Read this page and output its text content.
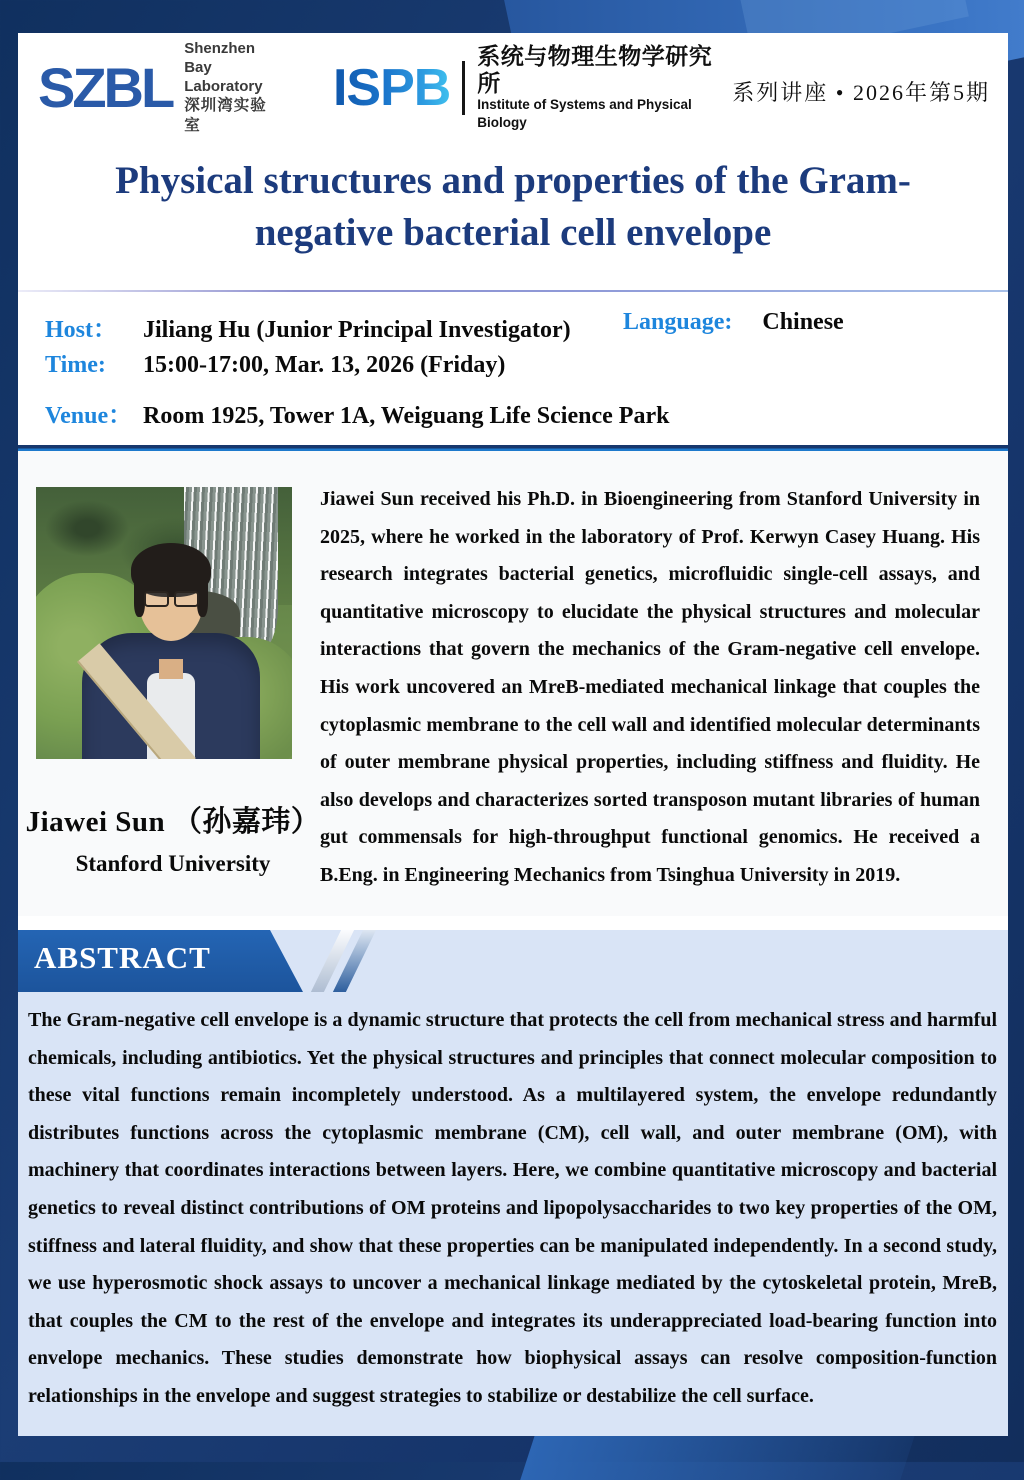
SZBL
Shenzhen Bay
Laboratory
深圳湾实验室
ISPB
系统与物理生物学研究所
Institute of Systems and Physical Biology
系列讲座 • 2026年第5期
Physical structures and properties of the Gram-
negative bacterial cell envelope
Host： Jiliang Hu (Junior Principal Investigator) Language: Chinese
Time: 15:00-17:00, Mar. 13, 2026 (Friday)
Venue： Room 1925, Tower 1A, Weiguang Life Science Park
Jiawei Sun （孙嘉玮）
Stanford University
Jiawei Sun received his Ph.D. in Bioengineering from Stanford University in 2025, where he worked in the laboratory of Prof. Kerwyn Casey Huang. His research integrates bacterial genetics, microfluidic single-cell assays, and quantitative microscopy to elucidate the physical structures and molecular interactions that govern the mechanics of the Gram-negative cell envelope. His work uncovered an MreB-mediated mechanical linkage that couples the cytoplasmic membrane to the cell wall and identified molecular determinants of outer membrane physical properties, including stiffness and fluidity. He also develops and characterizes sorted transposon mutant libraries of human gut commensals for high-throughput functional genomics. He received a B.Eng. in Engineering Mechanics from Tsinghua University in 2019.
ABSTRACT
The Gram-negative cell envelope is a dynamic structure that protects the cell from mechanical stress and harmful chemicals, including antibiotics. Yet the physical structures and principles that connect molecular composition to these vital functions remain incompletely understood. As a multilayered system, the envelope redundantly distributes functions across the cytoplasmic membrane (CM), cell wall, and outer membrane (OM), with machinery that coordinates interactions between layers. Here, we combine quantitative microscopy and bacterial genetics to reveal distinct contributions of OM proteins and lipopolysaccharides to two key properties of the OM, stiffness and lateral fluidity, and show that these properties can be manipulated independently. In a second study, we use hyperosmotic shock assays to uncover a mechanical linkage mediated by the cytoskeletal protein, MreB, that couples the CM to the rest of the envelope and integrates its underappreciated load-bearing function into envelope mechanics. These studies demonstrate how biophysical assays can resolve composition-function relationships in the envelope and suggest strategies to stabilize or destabilize the cell surface.
